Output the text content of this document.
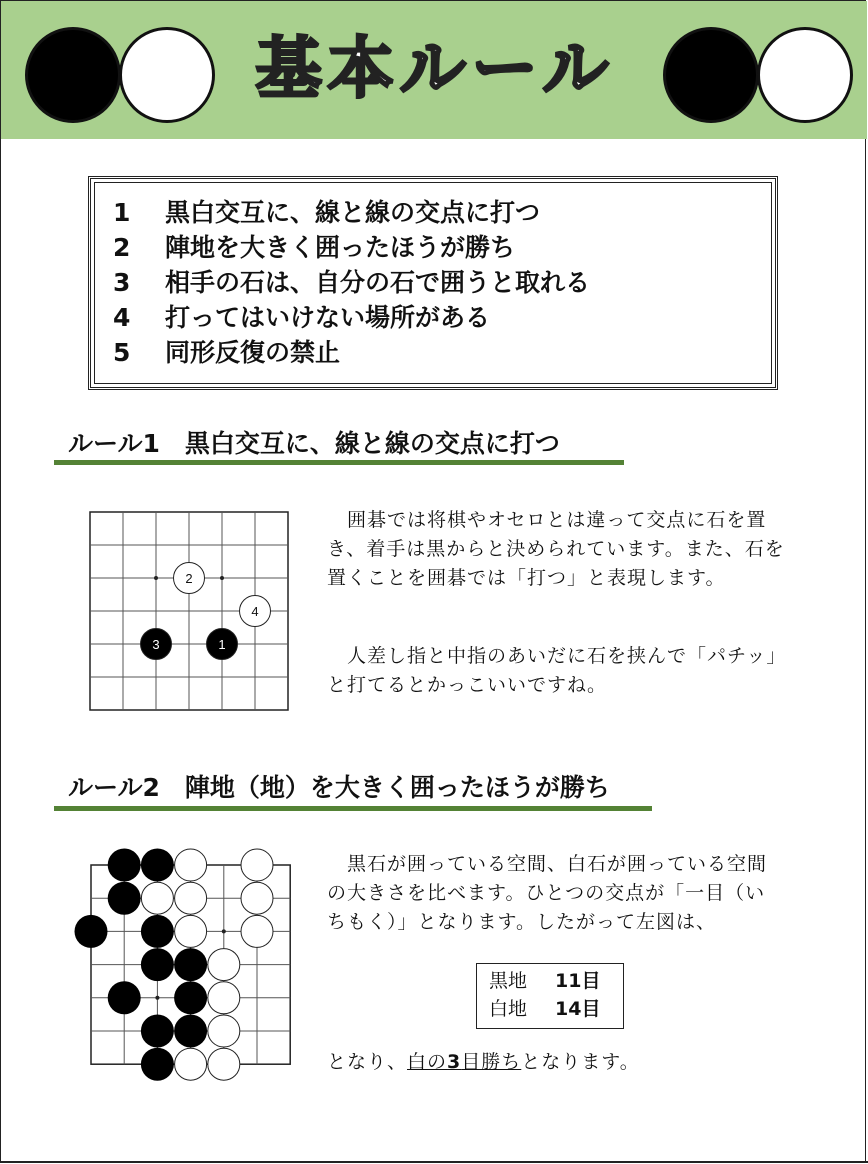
基本ルール
1 黒白交互に、線と線の交点に打つ
2 陣地を大きく囲ったほうが勝ち
3 相手の石は、自分の石で囲うと取れる
4 打ってはいけない場所がある
5 同形反復の禁止
ルール1　黒白交互に、線と線の交点に打つ
1
2
3
4
　囲碁では将棋やオセロとは違って交点に石を置き、着手は黒からと決められています。また、石を置くことを囲碁では「打つ」と表現します。
　人差し指と中指のあいだに石を挟んで「パチッ」と打てるとかっこいいですね。
ルール2　陣地（地）を大きく囲ったほうが勝ち
　黒石が囲っている空間、白石が囲っている空間の大きさを比べます。ひとつの交点が「一目（いちもく）」となります。したがって左図は、
黒地 11目
白地 14目
となり、白の3目勝ちとなります。
